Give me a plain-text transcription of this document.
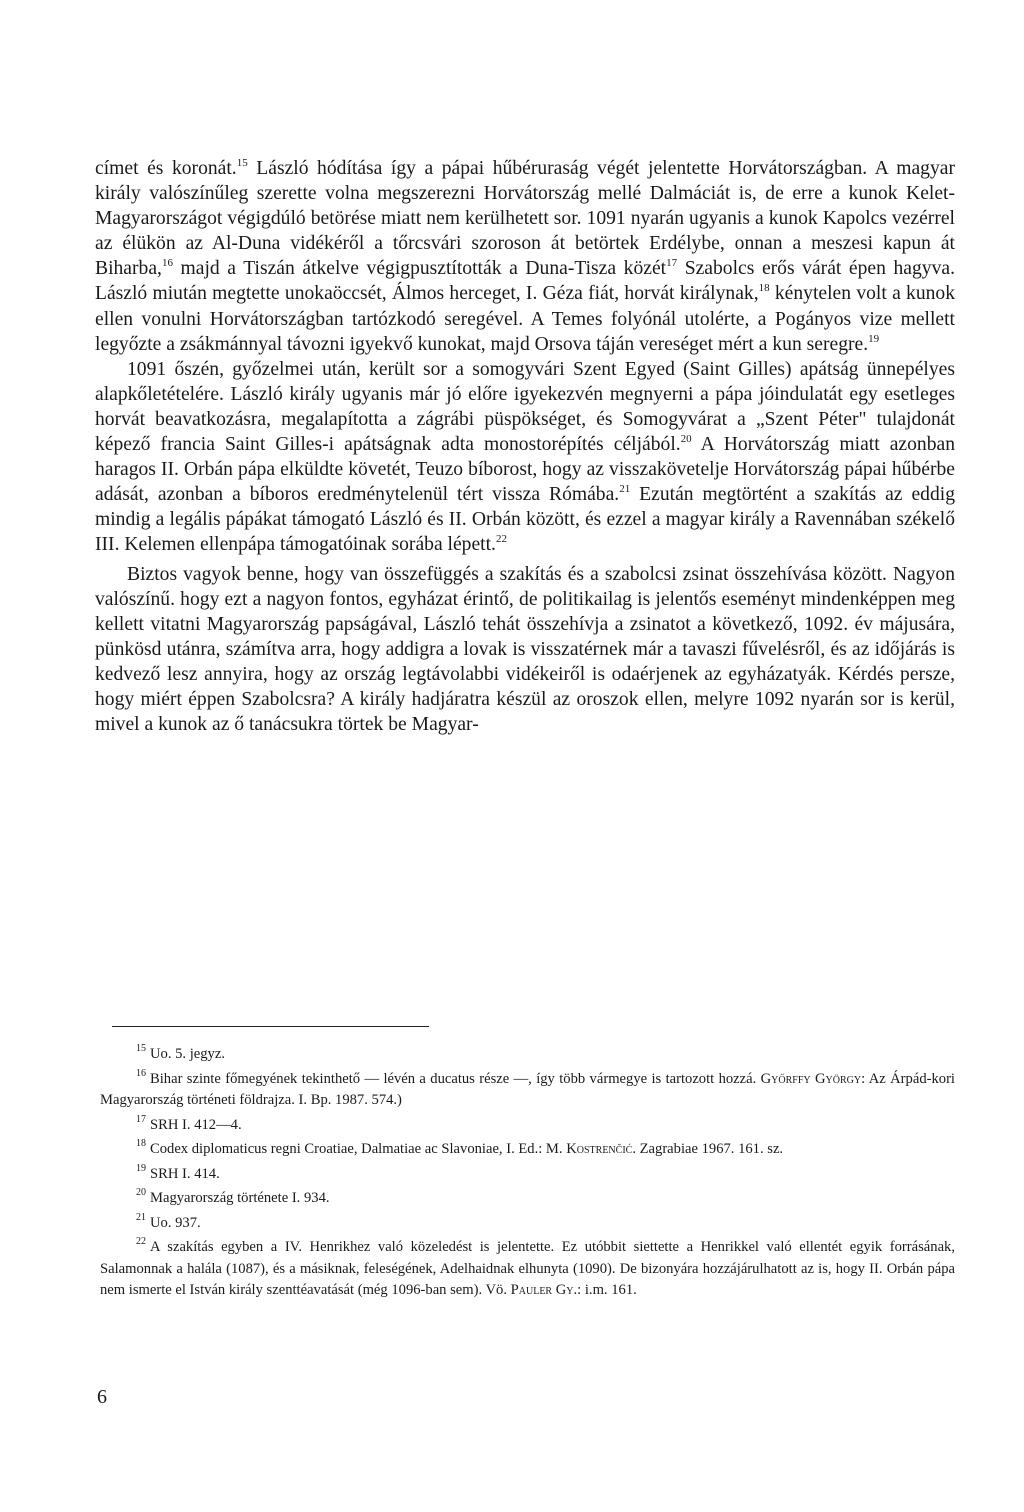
címet és koronát.$^{15}$ László hódítása így a pápai hűbéruraság végét jelentette Horvátországban. A magyar király valószínűleg szerette volna megszerezni Horvátország mellé Dalmáciát is, de erre a kunok Kelet-Magyarországot végigdúló betörése miatt nem kerülhetett sor. 1091 nyarán ugyanis a kunok Kapolcs vezérrel az élükön az Al-Duna vidékéről a tőrcsvári szoroson át betörtek Erdélybe, onnan a meszesi kapun át Biharba,$^{16}$ majd a Tiszán átkelve végigpusztították a Duna-Tisza közét$^{17}$ Szabolcs erős várát épen hagyva. László miután megtette unokaöccsét, Álmos herceget, I. Géza fiát, horvát királynak,$^{18}$ kénytelen volt a kunok ellen vonulni Horvátországban tartózkodó seregével. A Temes folyónál utolérte, a Pogányos vize mellett legyőzte a zsákmánnyal távozni igyekvő kunokat, majd Orsova táján vereséget mért a kun seregre.$^{19}$

1091 őszén, győzelmei után, került sor a somogyvári Szent Egyed (Saint Gilles) apátság ünnepélyes alapkőletételére. László király ugyanis már jó előre igyekezvén megnyerni a pápa jóindulatát egy esetleges horvát beavatkozásra, megalapította a zágrábi püspökséget, és Somogyvárat a „Szent Péter" tulajdonát képező francia Saint Gilles-i apátságnak adta monostorépítés céljából.$^{20}$ A Horvátország miatt azonban haragos II. Orbán pápa elküldte követét, Teuzo bíborost, hogy az visszakövetelje Horvátország pápai hűbérbe adását, azonban a bíboros eredménytelenül tért vissza Rómába.$^{21}$ Ezután megtörtént a szakítás az eddig mindig a legális pápákat támogató László és II. Orbán között, és ezzel a magyar király a Ravennában székelő III. Kelemen ellenpápa támogatóinak sorába lépett.$^{22}$

Biztos vagyok benne, hogy van összefüggés a szakítás és a szabolcsi zsinat összehívása között. Nagyon valószínű. hogy ezt a nagyon fontos, egyházat érintő, de politikailag is jelentős eseményt mindenképpen meg kellett vitatni Magyarország papságával, László tehát összehívja a zsinatot a következő, 1092. év májusára, pünkösd utánra, számítva arra, hogy addigra a lovak is visszatérnek már a tavaszi fűvelésről, és az időjárás is kedvező lesz annyira, hogy az ország legtávolabbi vidékeiről is odaérjenek az egyházatyák. Kérdés persze, hogy miért éppen Szabolcsra? A király hadjáratra készül az oroszok ellen, melyre 1092 nyarán sor is kerül, mivel a kunok az ő tanácsukra törtek be Magyar-

$^{15}$ Uo. 5. jegyz.

$^{16}$ Bihar szinte főmegyének tekinthető — lévén a ducatus része —, így több vármegye is tartozott hozzá. Győrffy György: Az Árpád-kori Magyarország történeti földrajza. I. Bp. 1987. 574.)

$^{17}$ SRH I. 412—4.

$^{18}$ Codex diplomaticus regni Croatiae, Dalmatiae ac Slavoniae, I. Ed.: M. Kostrenčić. Zagrabiae 1967. 161. sz.

$^{19}$ SRH I. 414.

$^{20}$ Magyarország története I. 934.

$^{21}$ Uo. 937.

$^{22}$ A szakítás egyben a IV. Henrikhez való közeledést is jelentette. Ez utóbbit siettette a Henrikkel való ellentét egyik forrásának, Salamonnak a halála (1087), és a másiknak, feleségének, Adelhaidnak elhunyta (1090). De bizonyára hozzájárulhatott az is, hogy II. Orbán pápa nem ismerte el István király szenttéavatását (még 1096-ban sem). Vö. Pauler Gy.: i.m. 161.

6
